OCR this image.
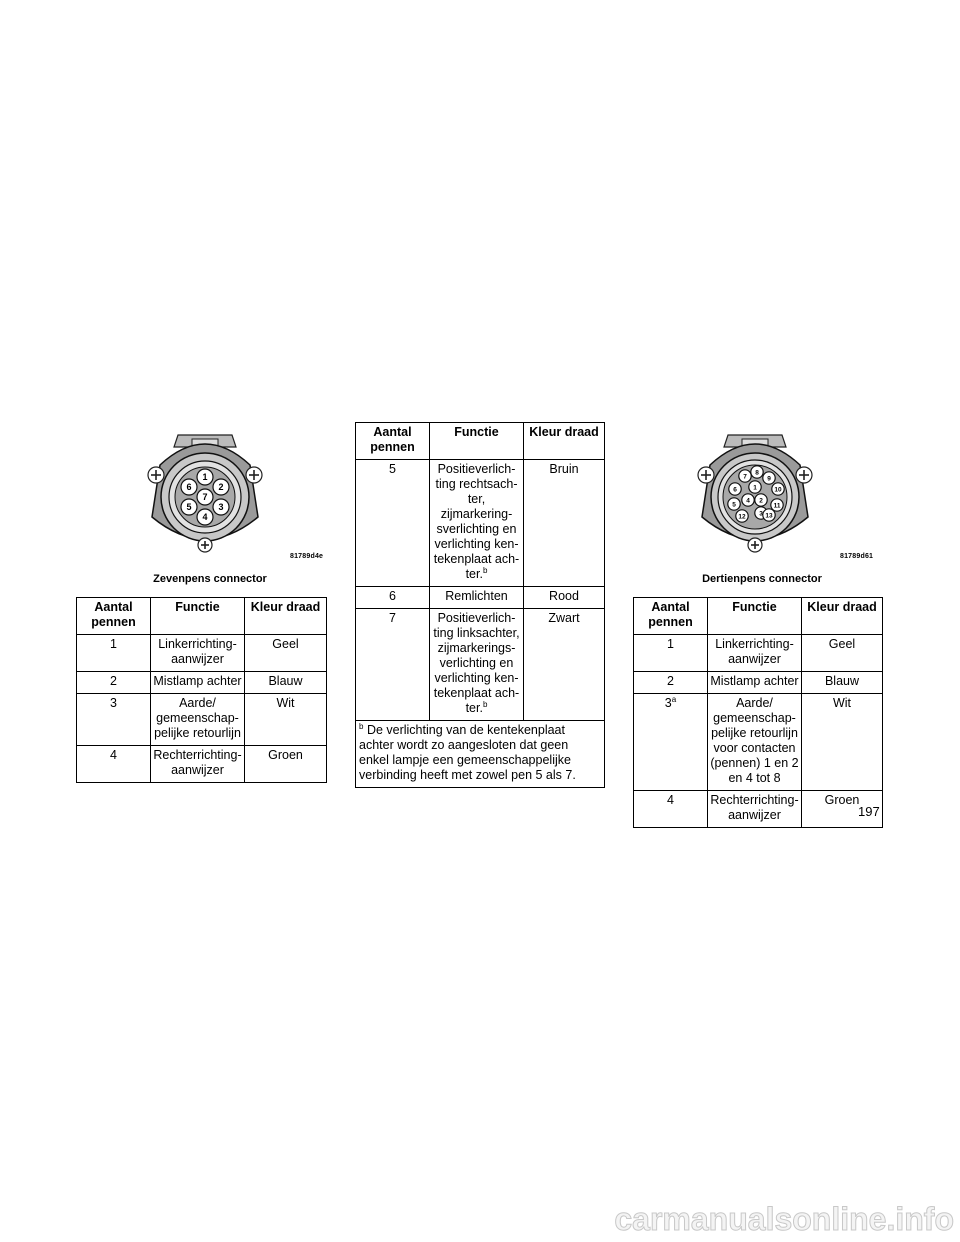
1
2
3
4
5
6
7
81789d4e
Zevenpens connector
Aantal pennen	Functie	Kleur draad
1	Linkerrichting-aanwijzer	Geel
2	Mistlamp achter	Blauw
3	Aarde/ gemeenschap-pelijke retourlijn	Wit
4	Rechterrichting-aanwijzer	Groen
Aantal pennen	Functie	Kleur draad
5	Positieverlich-ting rechtsach-ter, zijmarkering-sverlichting en verlichting ken-tekenplaat ach-ter.$^b$	Bruin
6	Remlichten	Rood
7	Positieverlich-ting linksachter, zijmarkerings-verlichting en verlichting ken-tekenplaat ach-ter.$^b$	Zwart
$^b$ De verlichting van de kentekenplaat achter wordt zo aangesloten dat geen enkel lampje een gemeenschappelijke verbinding heeft met zowel pen 5 als 7.		
1
2
3
4
5
6
7
8
9
10
11
12	13
81789d61
Dertienpens connector
Aantal pennen	Functie	Kleur draad
1	Linkerrichting-aanwijzer	Geel
2	Mistlamp achter	Blauw
3$^a$	Aarde/ gemeenschap-pelijke retourlijn voor contacten (pennen) 1 en 2 en 4 tot 8	Wit
4	Rechterrichting-aanwijzer	Groen
197
carmanualsonline.info
